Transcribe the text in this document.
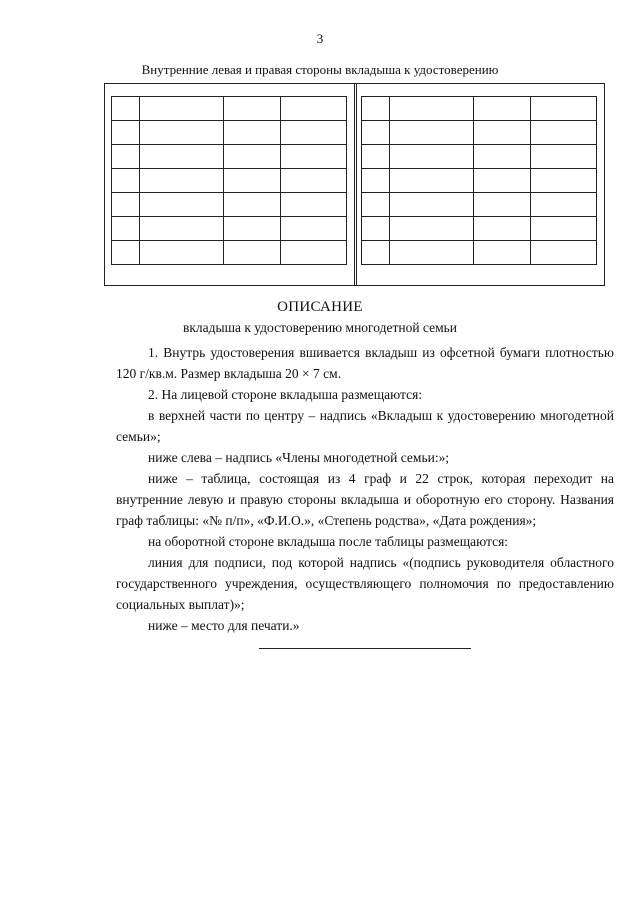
3
Внутренние левая и правая стороны вкладыша к удостоверению

ОПИСАНИЕ
вкладыша к удостоверению многодетной семьи

1. Внутрь удостоверения вшивается вкладыш из офсетной бумаги плотностью 120 г/кв.м. Размер вкладыша 20 × 7 см.

2. На лицевой стороне вкладыша размещаются:

в верхней части по центру – надпись «Вкладыш к удостоверению многодетной семьи»;

ниже слева – надпись «Члены многодетной семьи:»;

ниже – таблица, состоящая из 4 граф и 22 строк, которая переходит на внутренние левую и правую стороны вкладыша и оборотную его сторону. Названия граф таблицы: «№ п/п», «Ф.И.О.», «Степень родства», «Дата рождения»;

на оборотной стороне вкладыша после таблицы размещаются:

линия для подписи, под которой надпись «(подпись руководителя областного государственного учреждения, осуществляющего полномочия по предоставлению социальных выплат)»;

ниже – место для печати.»
